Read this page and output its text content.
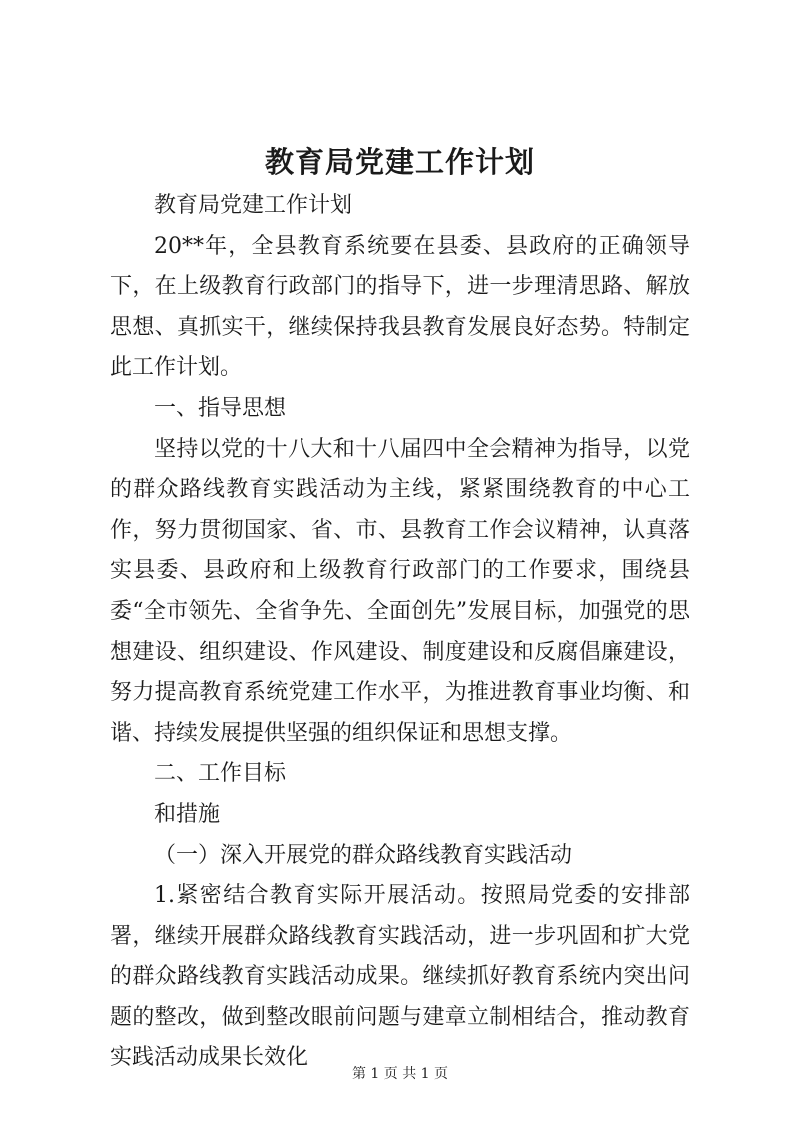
教育局党建工作计划

教育局党建工作计划

20**年，全县教育系统要在县委、县政府的正确领导下，在上级教育行政部门的指导下，进一步理清思路、解放思想、真抓实干，继续保持我县教育发展良好态势。特制定此工作计划。

一、指导思想

坚持以党的十八大和十八届四中全会精神为指导，以党的群众路线教育实践活动为主线，紧紧围绕教育的中心工作，努力贯彻国家、省、市、县教育工作会议精神，认真落实县委、县政府和上级教育行政部门的工作要求，围绕县委“全市领先、全省争先、全面创先”发展目标，加强党的思想建设、组织建设、作风建设、制度建设和反腐倡廉建设，努力提高教育系统党建工作水平，为推进教育事业均衡、和谐、持续发展提供坚强的组织保证和思想支撑。

二、工作目标

和措施

（一）深入开展党的群众路线教育实践活动

1.紧密结合教育实际开展活动。按照局党委的安排部署，继续开展群众路线教育实践活动，进一步巩固和扩大党的群众路线教育实践活动成果。继续抓好教育系统内突出问题的整改，做到整改眼前问题与建章立制相结合，推动教育实践活动成果长效化

第 1 页 共 1 页
